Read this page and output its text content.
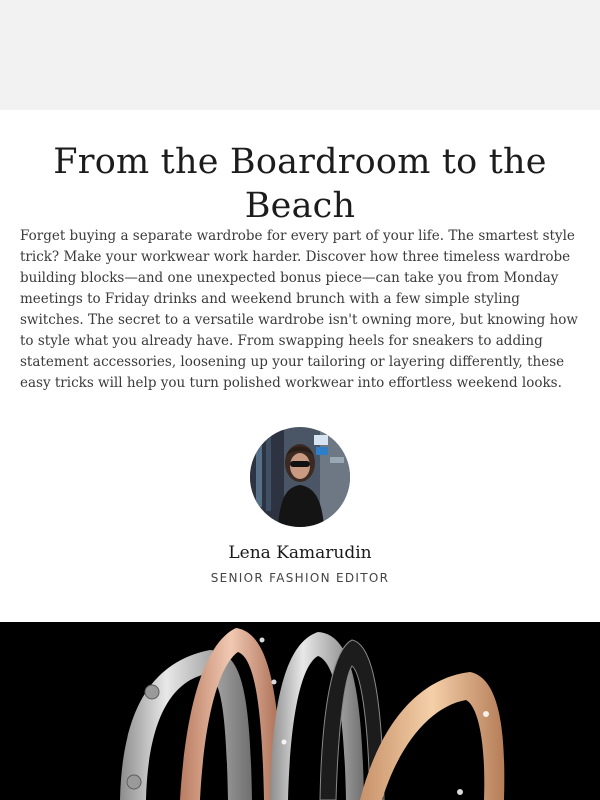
From the Boardroom to the Beach

Forget buying a separate wardrobe for every part of your life. The smartest style trick? Make your workwear work harder. Discover how three timeless wardrobe building blocks—and one unexpected bonus piece—can take you from Monday meetings to Friday drinks and weekend brunch with a few simple styling switches. The secret to a versatile wardrobe isn't owning more, but knowing how to style what you already have. From swapping heels for sneakers to adding statement accessories, loosening up your tailoring or layering differently, these easy tricks will help you turn polished workwear into effortless weekend looks.

Lena Kamarudin
SENIOR FASHION EDITOR
